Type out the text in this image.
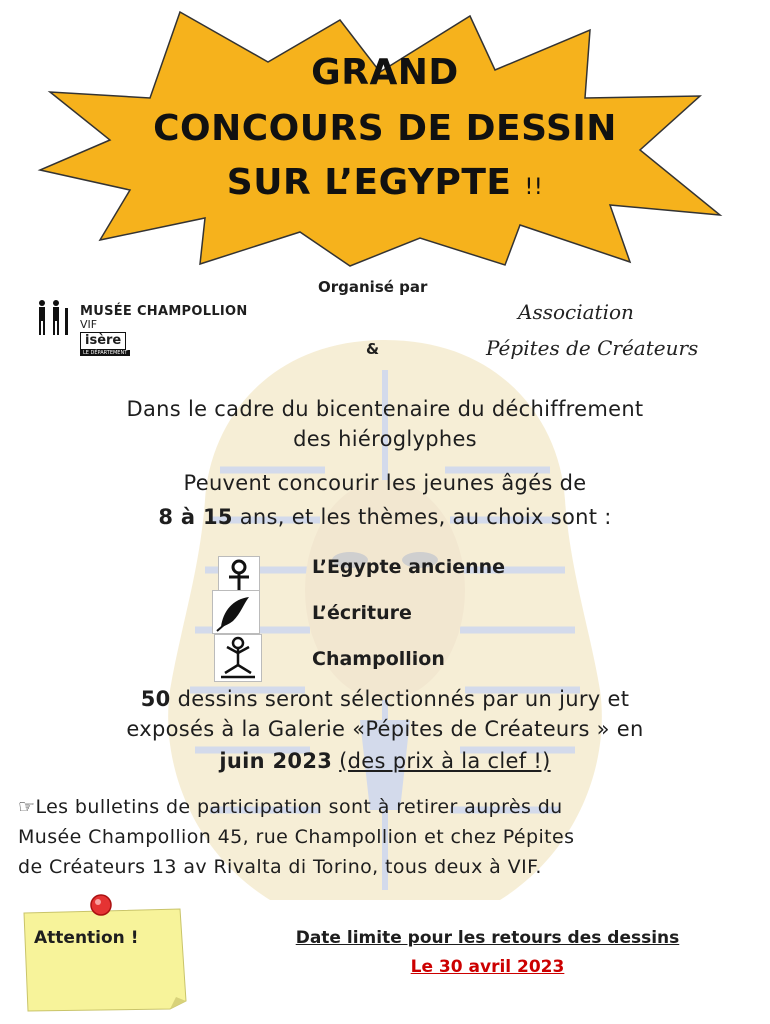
GRAND
CONCOURS DE DESSIN
SUR L’EGYPTE !!
Organisé par
MUSÉE CHAMPOLLION
VIF
isère
LE DÉPARTEMENT
Association
Pépites de Créateurs
&
Dans le cadre du bicentenaire du déchiffrement
des hiéroglyphes
Peuvent concourir les jeunes âgés de
8 à 15 ans, et les thèmes, au choix sont :
L’Egypte ancienne
L’écriture
Champollion
50 dessins seront sélectionnés par un jury et
exposés à la Galerie «Pépites de Créateurs » en
juin 2023 (des prix à la clef !)
☞Les bulletins de participation sont à retirer auprès du
Musée Champollion 45, rue Champollion et chez Pépites
de Créateurs 13 av Rivalta di Torino, tous deux à VIF.
Attention !	Date limite pour les retours des dessins
Le 30 avril 2023
